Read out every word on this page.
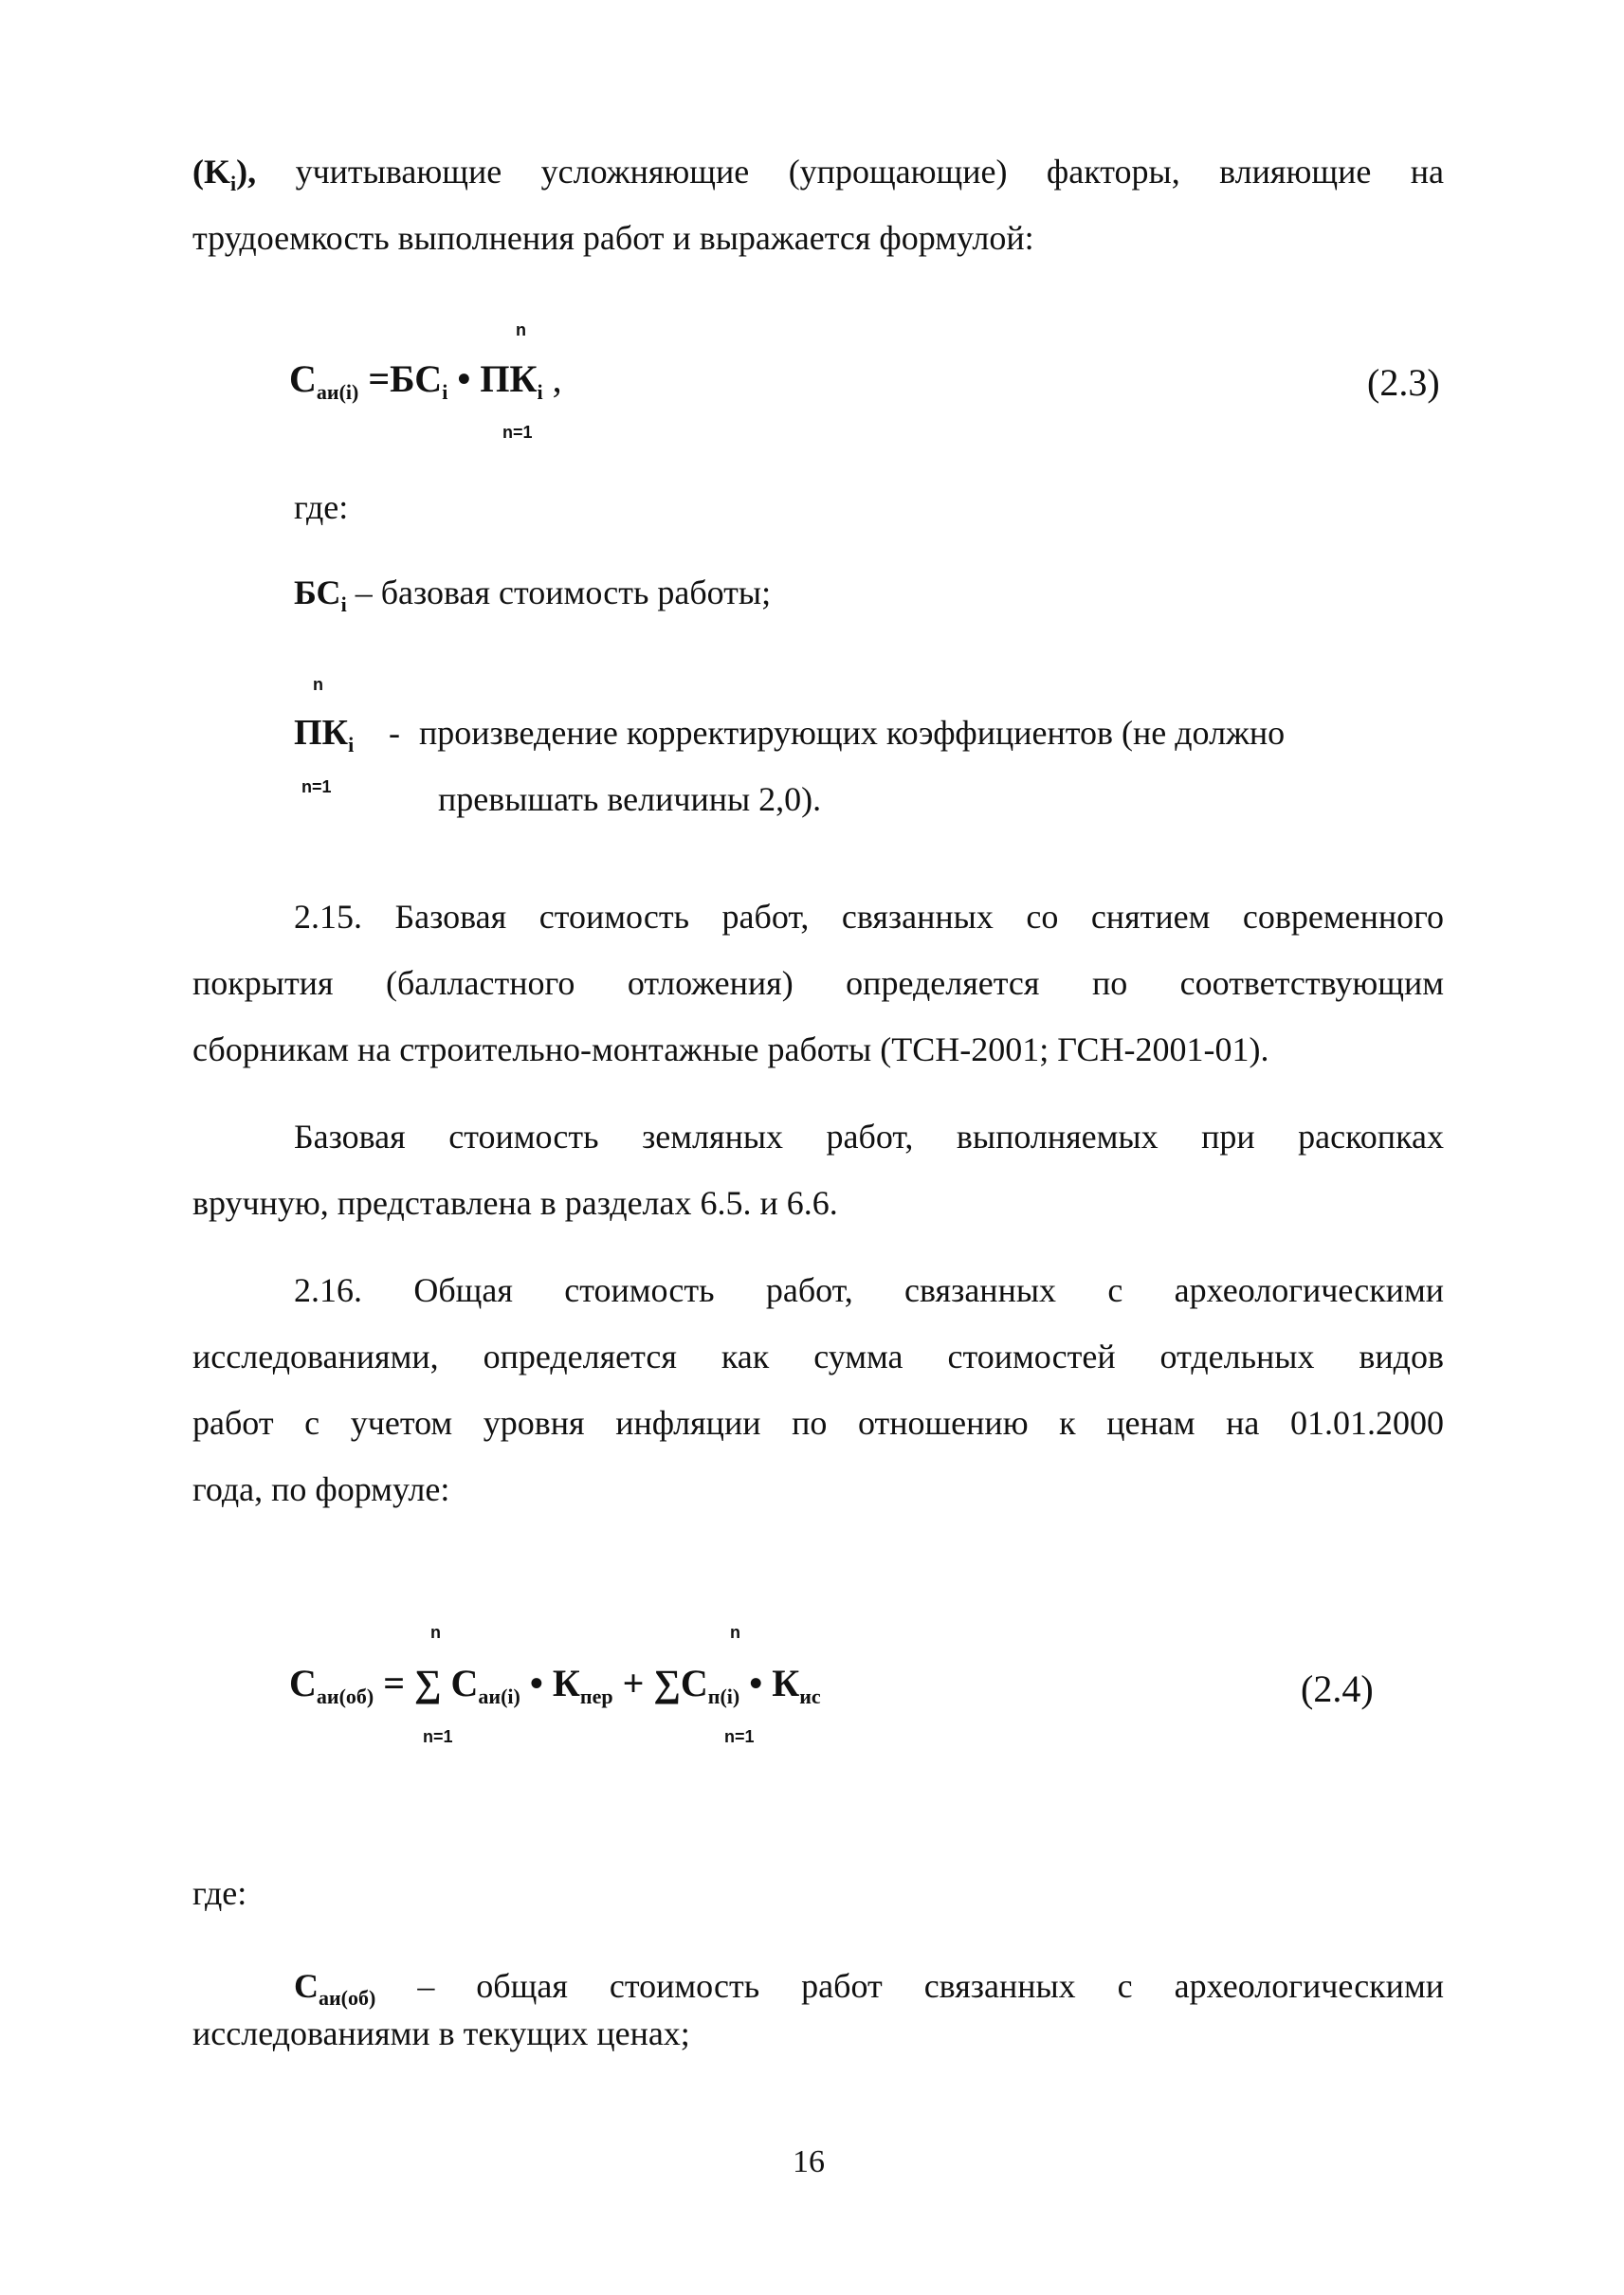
$(K_i)$, учитывающие усложняющие (упрощающие) факторы, влияющие на
трудоемкость выполнения работ и выражается формулой:
n
$С_{аи(i)} =БС_i$ • $ПК_i$ ,
n=1
(2.3)
где:
$БС_i$ – базовая стоимость работы;
n
$ПК_i$
n=1
- произведение корректирующих коэффициентов (не должно
превышать величины 2,0).
2.15. Базовая стоимость работ, связанных со снятием современного
покрытия (балластного отложения) определяется по соответствующим
сборникам на строительно-монтажные работы (ТСН-2001; ГСН-2001-01).
Базовая стоимость земляных работ, выполняемых при раскопках
вручную, представлена в разделах 6.5. и 6.6.
2.16. Общая стоимость работ, связанных с археологическими
исследованиями, определяется как сумма стоимостей отдельных видов
работ с учетом уровня инфляции по отношению к ценам на 01.01.2000
года, по формуле:
n	n
$С_{аи(об)}$ = ∑ $С_{аи(i)}$ • $К_{пер} + \sum С_{п(i)}$ • $К_{ис}$
n=1	n=1
(2.4)
где:
$С_{аи(об)}$ – общая стоимость работ связанных с археологическими
исследованиями в текущих ценах;
16
